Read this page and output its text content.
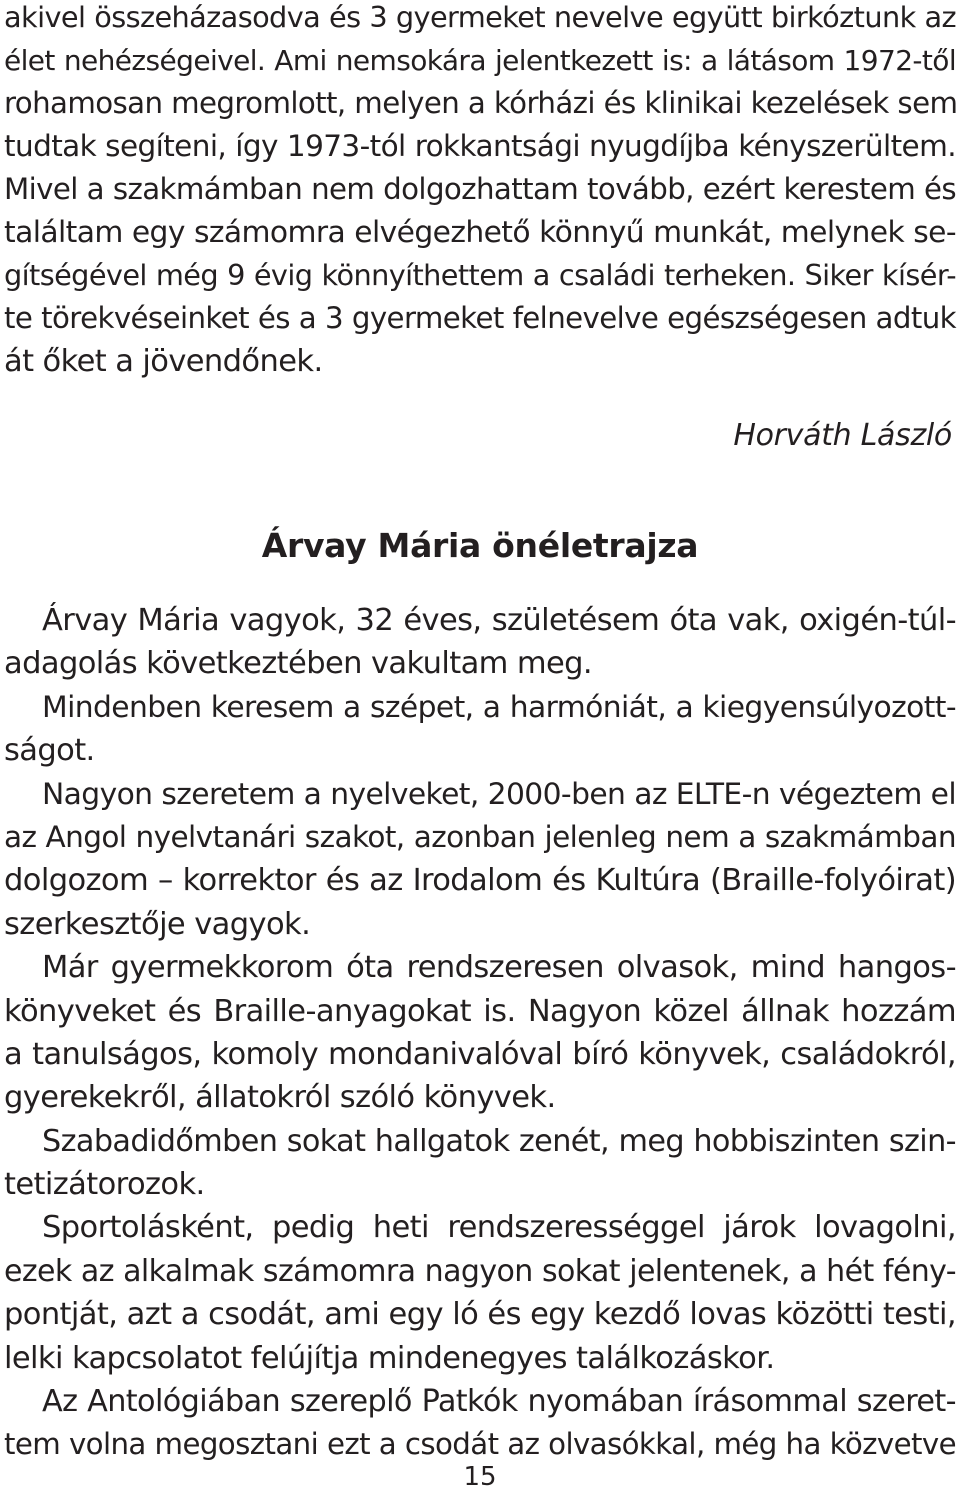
akivel összeházasodva és 3 gyermeket nevelve együtt birkóztunk az
élet nehézségeivel. Ami nemsokára jelentkezett is: a látásom 1972-től
rohamosan megromlott, melyen a kórházi és klinikai kezelések sem
tudtak segíteni, így 1973-tól rokkantsági nyugdíjba kényszerültem.
Mivel a szakmámban nem dolgozhattam tovább, ezért kerestem és
találtam egy számomra elvégezhető könnyű munkát, melynek se-
gítségével még 9 évig könnyíthettem a családi terheken. Siker kísér-
te törekvéseinket és a 3 gyermeket felnevelve egészségesen adtuk
át őket a jövendőnek.
Horváth László
Árvay Mária önéletrajza
Árvay Mária vagyok, 32 éves, születésem óta vak, oxigén-túl-
adagolás következtében vakultam meg.
Mindenben keresem a szépet, a harmóniát, a kiegyensúlyozott-
ságot.
Nagyon szeretem a nyelveket, 2000-ben az ELTE-n végeztem el
az Angol nyelvtanári szakot, azonban jelenleg nem a szakmámban
dolgozom – korrektor és az Irodalom és Kultúra (Braille-folyóirat)
szerkesztője vagyok.
Már gyermekkorom óta rendszeresen olvasok, mind hangos-
könyveket és Braille-anyagokat is. Nagyon közel állnak hozzám
a tanulságos, komoly mondanivalóval bíró könyvek, családokról,
gyerekekről, állatokról szóló könyvek.
Szabadidőmben sokat hallgatok zenét, meg hobbiszinten szin-
tetizátorozok.
Sportolásként, pedig heti rendszerességgel járok lovagolni,
ezek az alkalmak számomra nagyon sokat jelentenek, a hét fény-
pontját, azt a csodát, ami egy ló és egy kezdő lovas közötti testi,
lelki kapcsolatot felújítja mindenegyes találkozáskor.
Az Antológiában szereplő Patkók nyomában írásommal szeret-
tem volna megosztani ezt a csodát az olvasókkal, még ha közvetve
15
